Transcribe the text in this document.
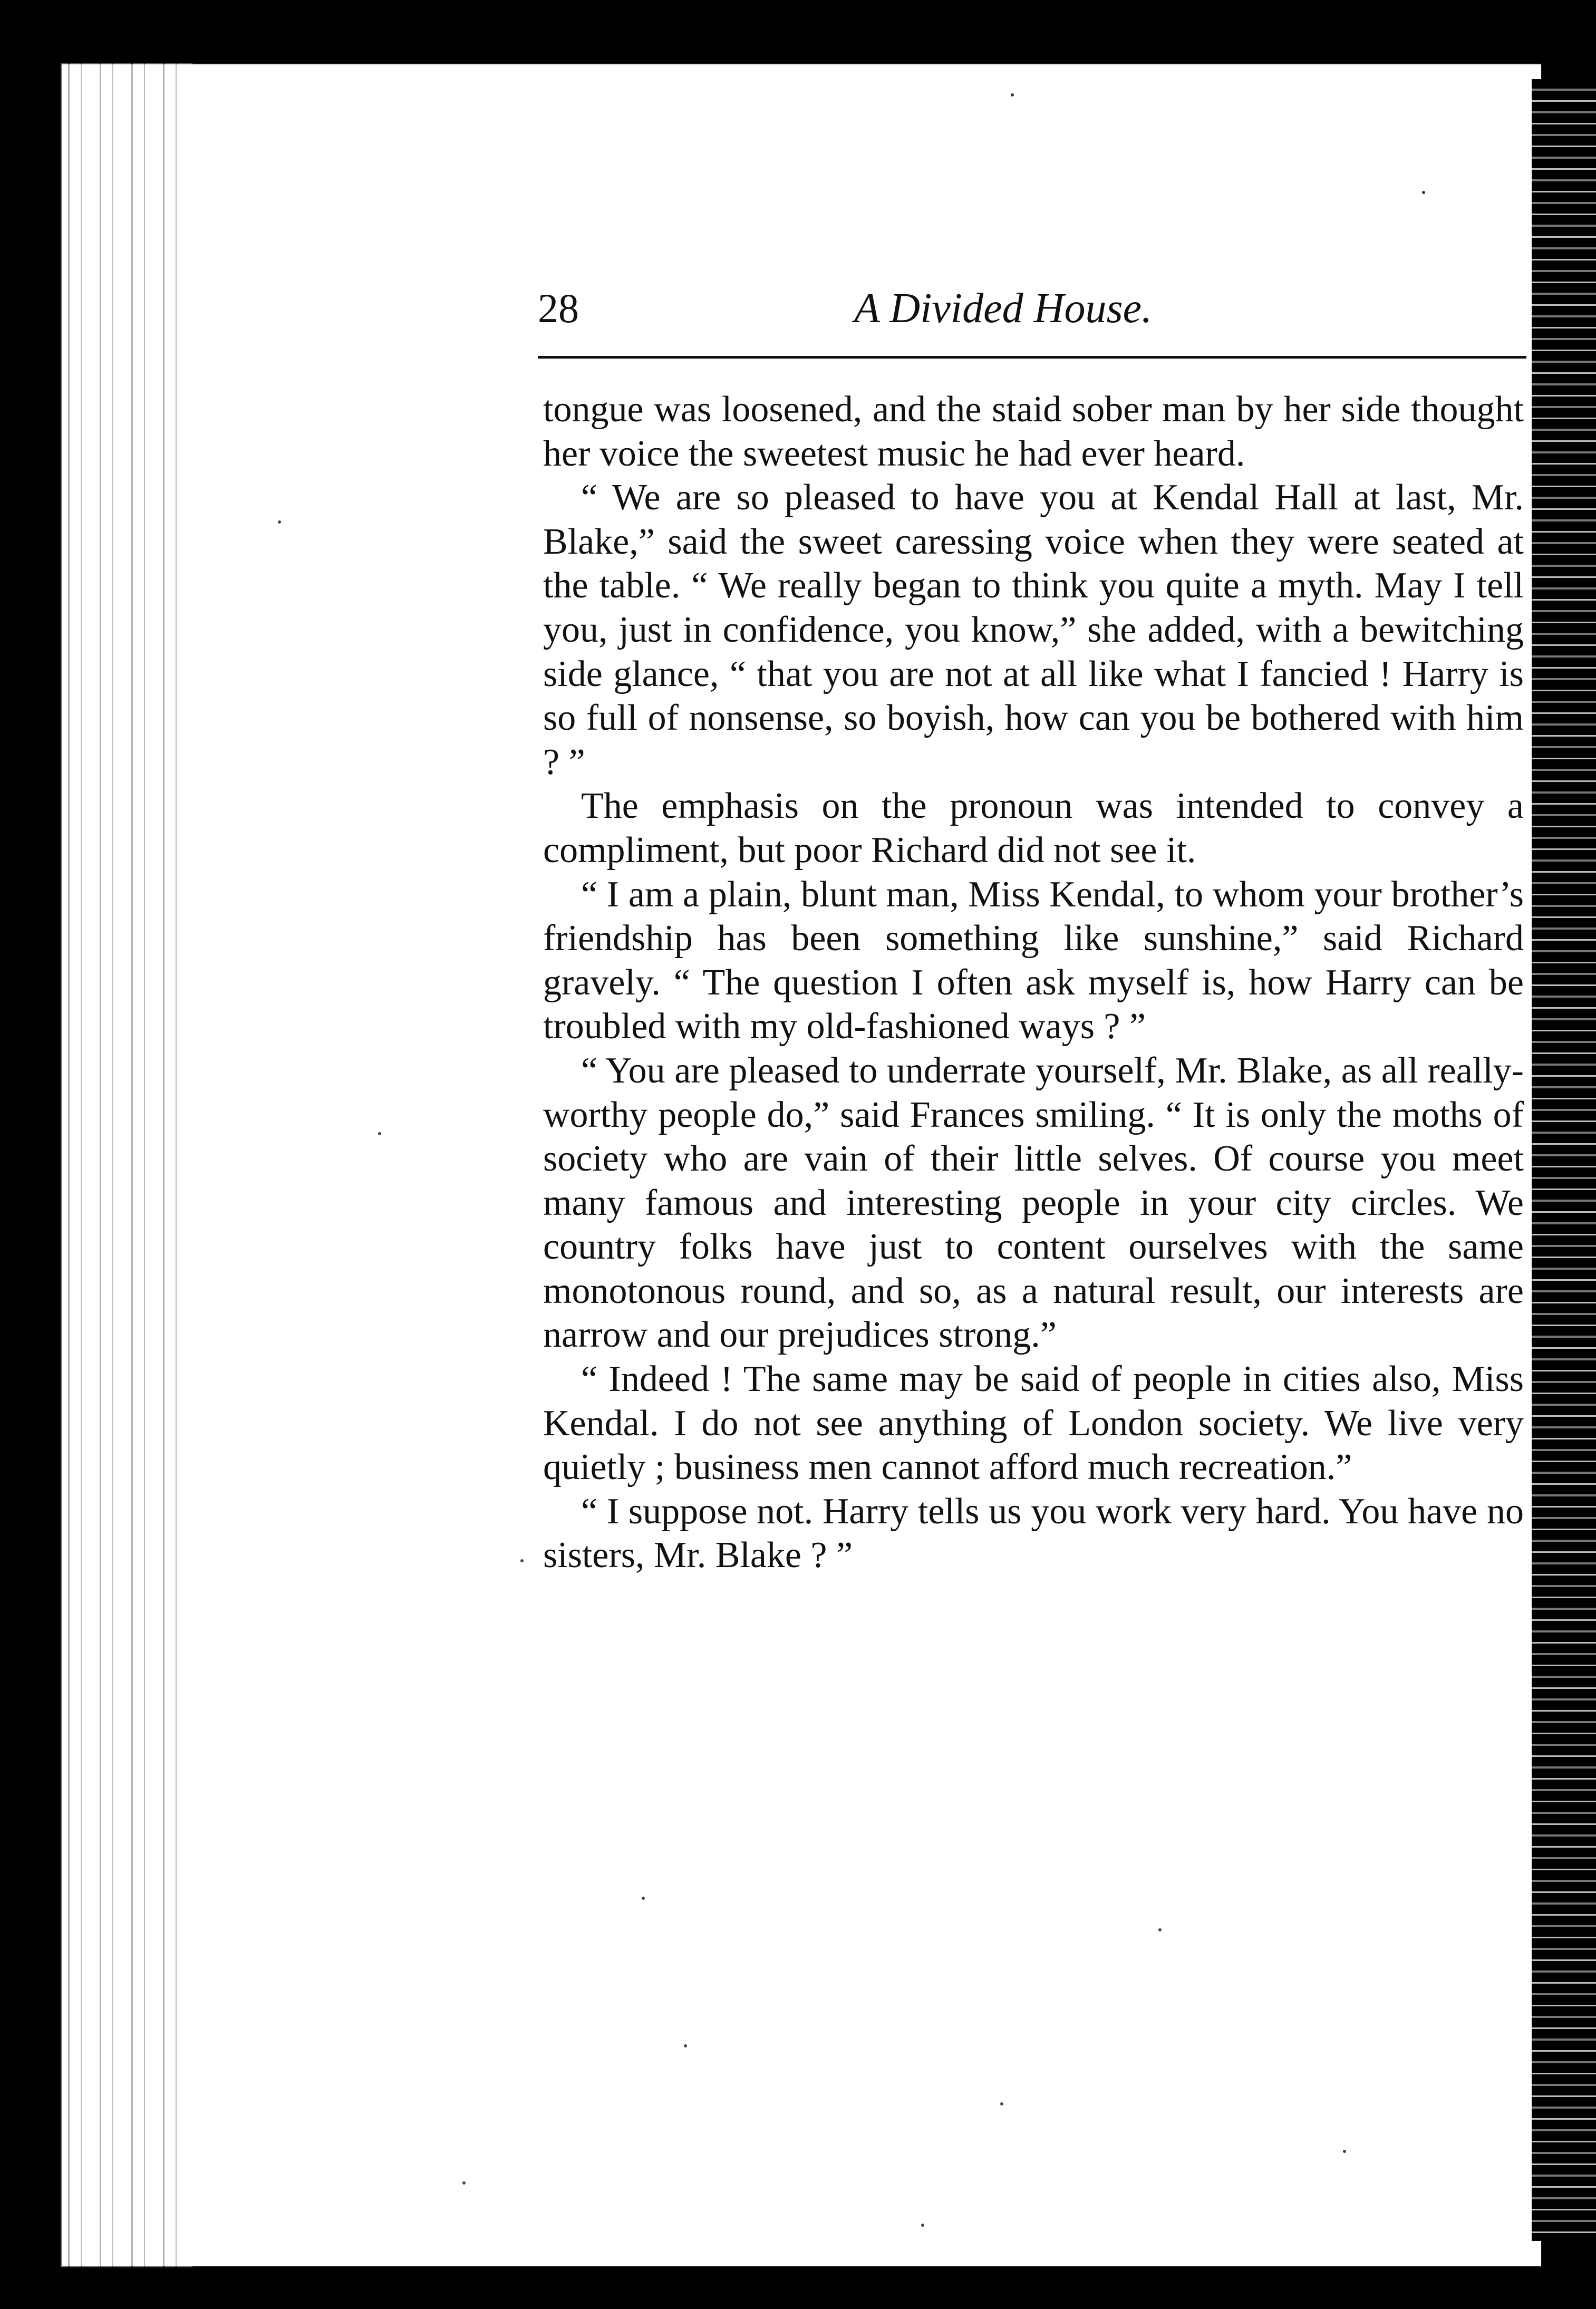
28	A Divided House.

tongue was loosened, and the staid sober man by her side thought her voice the sweetest music he had ever heard.

“ We are so pleased to have you at Kendal Hall at last, Mr. Blake,” said the sweet caressing voice when they were seated at the table. “ We really began to think you quite a myth. May I tell you, just in confidence, you know,” she added, with a bewitching side glance, “ that you are not at all like what I fancied ! Harry is so full of nonsense, so boyish, how can you be bothered with him ? ”

The emphasis on the pronoun was intended to convey a compliment, but poor Richard did not see it.

“ I am a plain, blunt man, Miss Kendal, to whom your brother’s friendship has been something like sunshine,” said Richard gravely. “ The question I often ask myself is, how Harry can be troubled with my old-fashioned ways ? ”

“ You are pleased to underrate yourself, Mr. Blake, as all really-worthy people do,” said Frances smiling. “ It is only the moths of society who are vain of their little selves. Of course you meet many famous and interesting people in your city circles. We country folks have just to content ourselves with the same monotonous round, and so, as a natural result, our interests are narrow and our prejudices strong.”

“ Indeed ! The same may be said of people in cities also, Miss Kendal. I do not see anything of London society. We live very quietly ; business men cannot afford much recreation.”

“ I suppose not. Harry tells us you work very hard. You have no sisters, Mr. Blake ? ”
